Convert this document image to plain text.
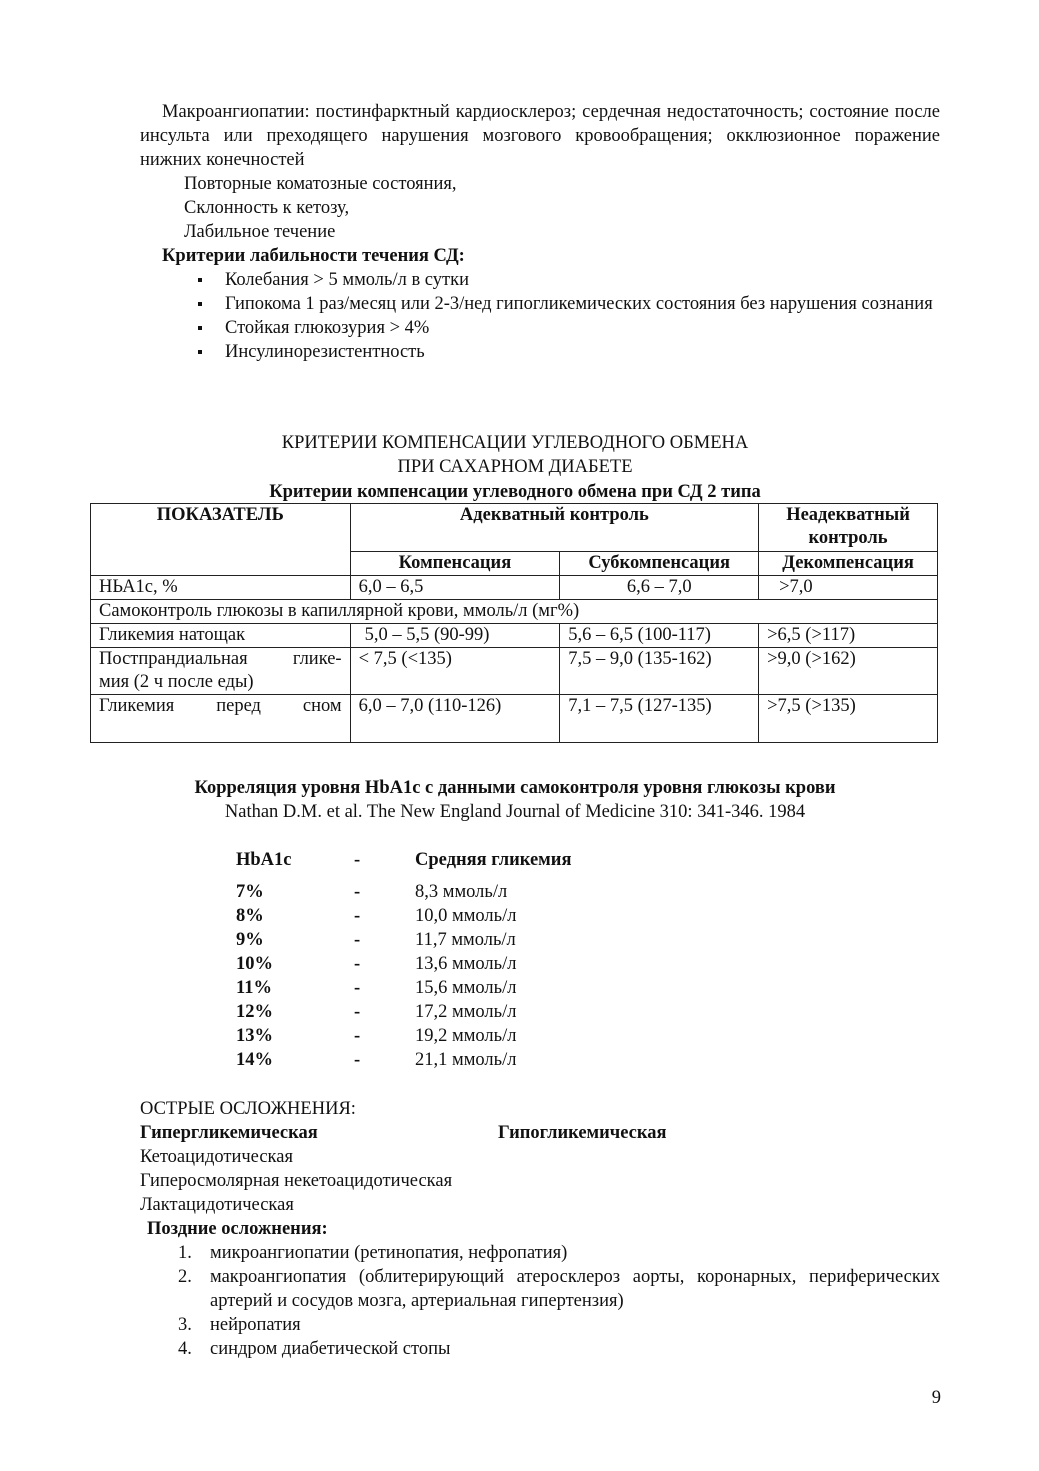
Макроангиопатии: постинфарктный кардиосклероз; сердечная недостаточность; состояние после инсульта или преходящего нарушения мозгового кровообращения; окклюзионное поражение нижних конечностей

Повторные коматозные состояния,

Склонность к кетозу,

Лабильное течение

Критерии лабильности течения СД:
Колебания > 5 ммоль/л в сутки
Гипокома 1 раз/месяц или 2-3/нед гипогликемических состояния без нарушения сознания
Стойкая глюкозурия > 4%
Инсулинорезистентность
КРИТЕРИИ КОМПЕНСАЦИИ УГЛЕВОДНОГО ОБМЕНА
ПРИ САХАРНОМ ДИАБЕТЕ
Критерии компенсации углеводного обмена при СД 2 типа
ПОКАЗАТЕЛЬ	Адекватный контроль		Неадекватный контроль
	Компенсация	Субкомпенсация	Декомпенсация
НЬА1с, %	6,0 – 6,5	6,6 – 7,0	>7,0
Самоконтроль глюкозы в капиллярной крови, ммоль/л (мг%)			
Гликемия натощак	5,0 – 5,5 (90-99)	5,6 – 6,5 (100-117)	>6,5 (>117)

Постпрандиальная глике-
мия (2 ч после еды)	< 7,5 (<135)	7,5 – 9,0 (135-162)	>9,0 (>162)
Гликемия перед сном	6,0 – 7,0 (110-126)	7,1 – 7,5 (127-135)	>7,5 (>135)
Корреляция уровня HbA1c с данными самоконтроля уровня глюкозы крови
Nathan D.M. et al. The New England Journal of Medicine 310: 341-346. 1984
HbA1c	-	Средняя гликемия
7%	-	8,3 ммоль/л
8%	-	10,0 ммоль/л
9%	-	11,7 ммоль/л
10%	-	13,6 ммоль/л
11%	-	15,6 ммоль/л
12%	-	17,2 ммоль/л
13%	-	19,2 ммоль/л
14%	-	21,1 ммоль/л
ОСТРЫЕ ОСЛОЖНЕНИЯ:
Гипергликемическая	Гипогликемическая
Кетоацидотическая
Гиперосмолярная некетоацидотическая
Лактацидотическая
Поздние осложнения:
1. микроангиопатии (ретинопатия, нефропатия)
2. макроангиопатия (облитерирующий атеросклероз аорты, коронарных, периферических артерий и сосудов мозга, артериальная гипертензия)
3. нейропатия
4. синдром диабетической стопы
9
